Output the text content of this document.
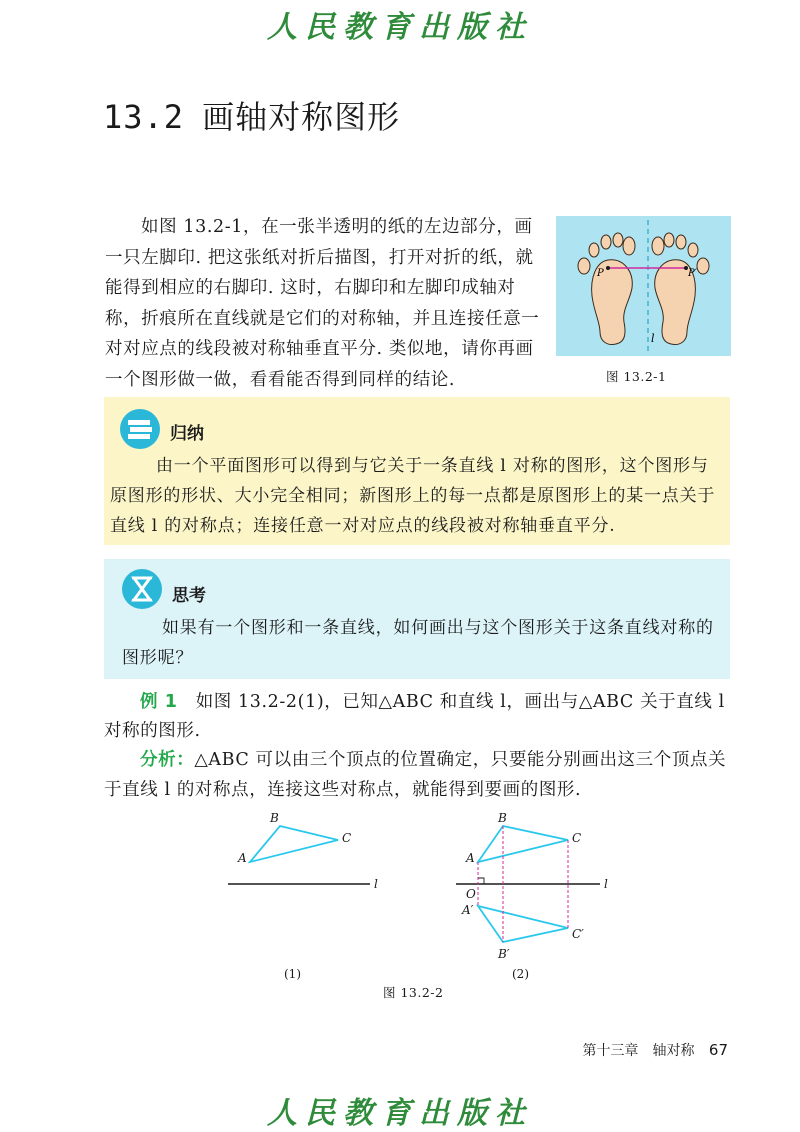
人民教育出版社
13.2 画轴对称图形
如图 13.2-1，在一张半透明的纸的左边部分，画一只左脚印. 把这张纸对折后描图，打开对折的纸，就能得到相应的右脚印. 这时，右脚印和左脚印成轴对称，折痕所在直线就是它们的对称轴，并且连接任意一对对应点的线段被对称轴垂直平分. 类似地，请你再画一个图形做一做，看看能否得到同样的结论.
P	P′
l
图 13.2-1
归纳
由一个平面图形可以得到与它关于一条直线 l 对称的图形，这个图形与原图形的形状、大小完全相同；新图形上的每一点都是原图形上的某一点关于直线 l 的对称点；连接任意一对对应点的线段被对称轴垂直平分.
思考
如果有一个图形和一条直线，如何画出与这个图形关于这条直线对称的图形呢？
例 1　 如图 13.2-2(1)，已知△ABC 和直线 l，画出与△ABC 关于直线 l 对称的图形.
分析：△ABC 可以由三个顶点的位置确定，只要能分别画出这三个顶点关于直线 l 的对称点，连接这些对称点，就能得到要画的图形.
A
B
C
l
A
B
C
l
O
A′
B′
C′
(1)	(2)
图 13.2-2
第十三章　轴对称 67
人民教育出版社
